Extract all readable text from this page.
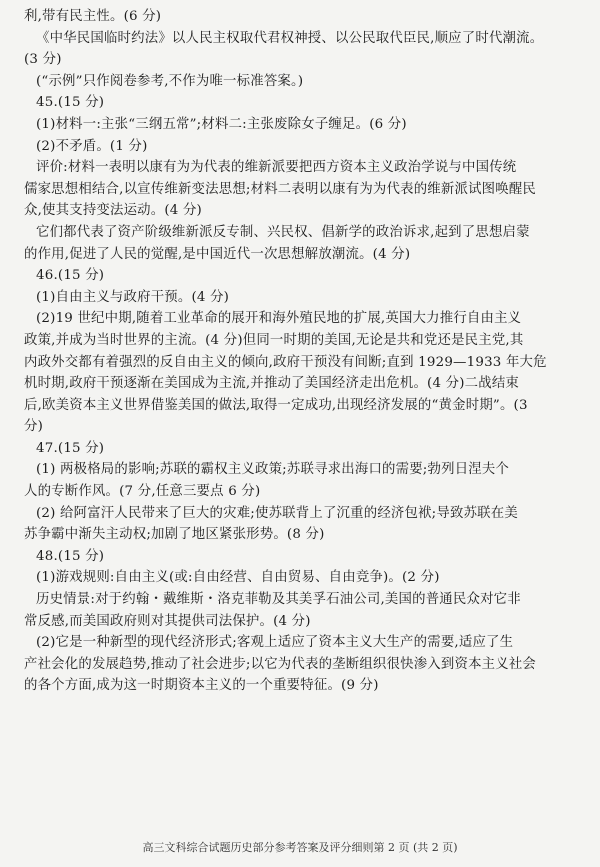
利,带有民主性。(6 分)
《中华民国临时约法》以人民主权取代君权神授、以公民取代臣民,顺应了时代潮流。
(3 分)
(“示例”只作阅卷参考,不作为唯一标准答案。)
45.(15 分)
(1)材料一:主张“三纲五常”;材料二:主张废除女子缠足。(6 分)
(2)不矛盾。(1 分)
评价:材料一表明以康有为为代表的维新派要把西方资本主义政治学说与中国传统
儒家思想相结合,以宣传维新变法思想;材料二表明以康有为为代表的维新派试图唤醒民
众,使其支持变法运动。(4 分)
它们都代表了资产阶级维新派反专制、兴民权、倡新学的政治诉求,起到了思想启蒙
的作用,促进了人民的觉醒,是中国近代一次思想解放潮流。(4 分)
46.(15 分)
(1)自由主义与政府干预。(4 分)
(2)19 世纪中期,随着工业革命的展开和海外殖民地的扩展,英国大力推行自由主义
政策,并成为当时世界的主流。(4 分)但同一时期的美国,无论是共和党还是民主党,其
内政外交都有着强烈的反自由主义的倾向,政府干预没有间断;直到 1929—1933 年大危
机时期,政府干预逐渐在美国成为主流,并推动了美国经济走出危机。(4 分)二战结束
后,欧美资本主义世界借鉴美国的做法,取得一定成功,出现经济发展的“黄金时期”。(3
分)
47.(15 分)
(1) 两极格局的影响;苏联的霸权主义政策;苏联寻求出海口的需要;勃列日涅夫个
人的专断作风。(7 分,任意三要点 6 分)
(2) 给阿富汗人民带来了巨大的灾难;使苏联背上了沉重的经济包袱;导致苏联在美
苏争霸中渐失主动权;加剧了地区紧张形势。(8 分)
48.(15 分)
(1)游戏规则:自由主义(或:自由经营、自由贸易、自由竞争)。(2 分)
历史情景:对于约翰・戴维斯・洛克菲勒及其美孚石油公司,美国的普通民众对它非
常反感,而美国政府则对其提供司法保护。(4 分)
(2)它是一种新型的现代经济形式;客观上适应了资本主义大生产的需要,适应了生
产社会化的发展趋势,推动了社会进步;以它为代表的垄断组织很快渗入到资本主义社会
的各个方面,成为这一时期资本主义的一个重要特征。(9 分)
高三文科综合试题历史部分参考答案及评分细则第 2 页 (共 2 页)
